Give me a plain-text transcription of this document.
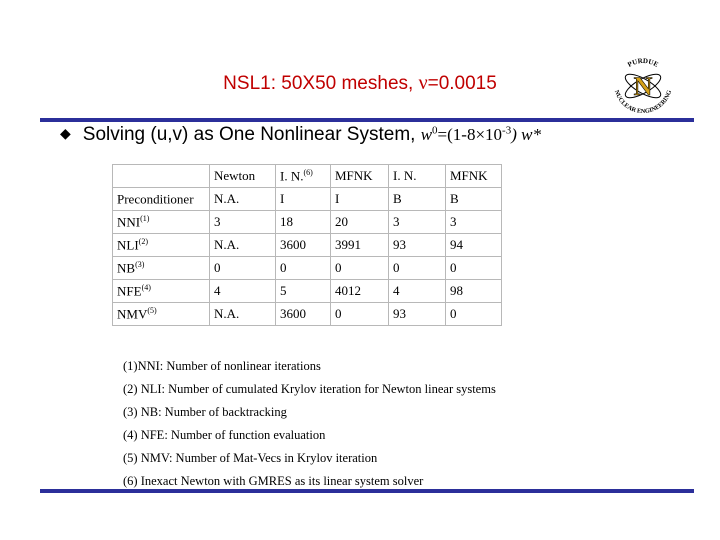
NSL1: 50X50 meshes, ν=0.0015	N
PURDUE
NUCLEAR ENGINEERING
◆ Solving (u,v) as One Nonlinear System, $w^0=(1-8\times 10^{-3})$ w*
	Newton	I. N.$^{(6)}$	MFNK	I. N.	MFNK
Preconditioner	N.A.	I	I	B	B
NNI$^{(1)}$	3	18	20	3	3
NLI$^{(2)}$	N.A.	3600	3991	93	94
NB$^{(3)}$	0	0	0	0	0
NFE$^{(4)}$	4	5	4012	4	98
NMV$^{(5)}$	N.A.	3600	0	93	0
(1)NNI: Number of nonlinear iterations
(2) NLI: Number of cumulated Krylov iteration for Newton linear systems
(3) NB: Number of backtracking
(4) NFE: Number of function evaluation
(5) NMV: Number of Mat-Vecs in Krylov iteration
(6) Inexact Newton with GMRES as its linear system solver
